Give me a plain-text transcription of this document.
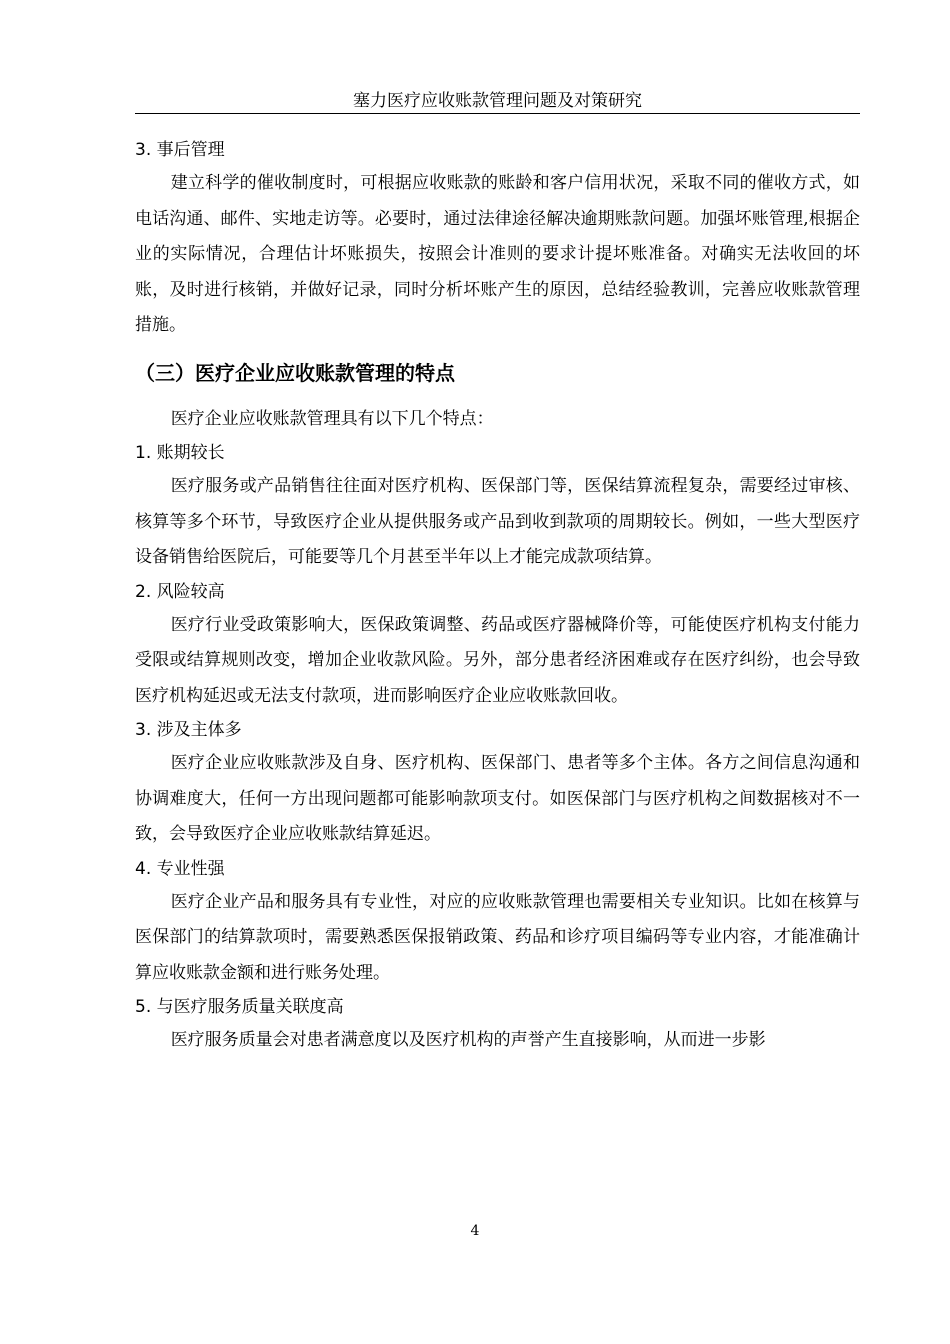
塞力医疗应收账款管理问题及对策研究
3. 事后管理

建立科学的催收制度时，可根据应收账款的账龄和客户信用状况，采取不同的催收方式，如电话沟通、邮件、实地走访等。必要时，通过法律途径解决逾期账款问题。加强坏账管理,根据企业的实际情况，合理估计坏账损失，按照会计准则的要求计提坏账准备。对确实无法收回的坏账，及时进行核销，并做好记录，同时分析坏账产生的原因，总结经验教训，完善应收账款管理措施。

（三）医疗企业应收账款管理的特点

医疗企业应收账款管理具有以下几个特点：

1. 账期较长

医疗服务或产品销售往往面对医疗机构、医保部门等，医保结算流程复杂，需要经过审核、核算等多个环节，导致医疗企业从提供服务或产品到收到款项的周期较长。例如，一些大型医疗设备销售给医院后，可能要等几个月甚至半年以上才能完成款项结算。

2. 风险较高

医疗行业受政策影响大，医保政策调整、药品或医疗器械降价等，可能使医疗机构支付能力受限或结算规则改变，增加企业收款风险。另外，部分患者经济困难或存在医疗纠纷，也会导致医疗机构延迟或无法支付款项，进而影响医疗企业应收账款回收。

3. 涉及主体多

医疗企业应收账款涉及自身、医疗机构、医保部门、患者等多个主体。各方之间信息沟通和协调难度大，任何一方出现问题都可能影响款项支付。如医保部门与医疗机构之间数据核对不一致，会导致医疗企业应收账款结算延迟。

4. 专业性强

医疗企业产品和服务具有专业性，对应的应收账款管理也需要相关专业知识。比如在核算与医保部门的结算款项时，需要熟悉医保报销政策、药品和诊疗项目编码等专业内容，才能准确计算应收账款金额和进行账务处理。

5. 与医疗服务质量关联度高

医疗服务质量会对患者满意度以及医疗机构的声誉产生直接影响，从而进一步影

4
